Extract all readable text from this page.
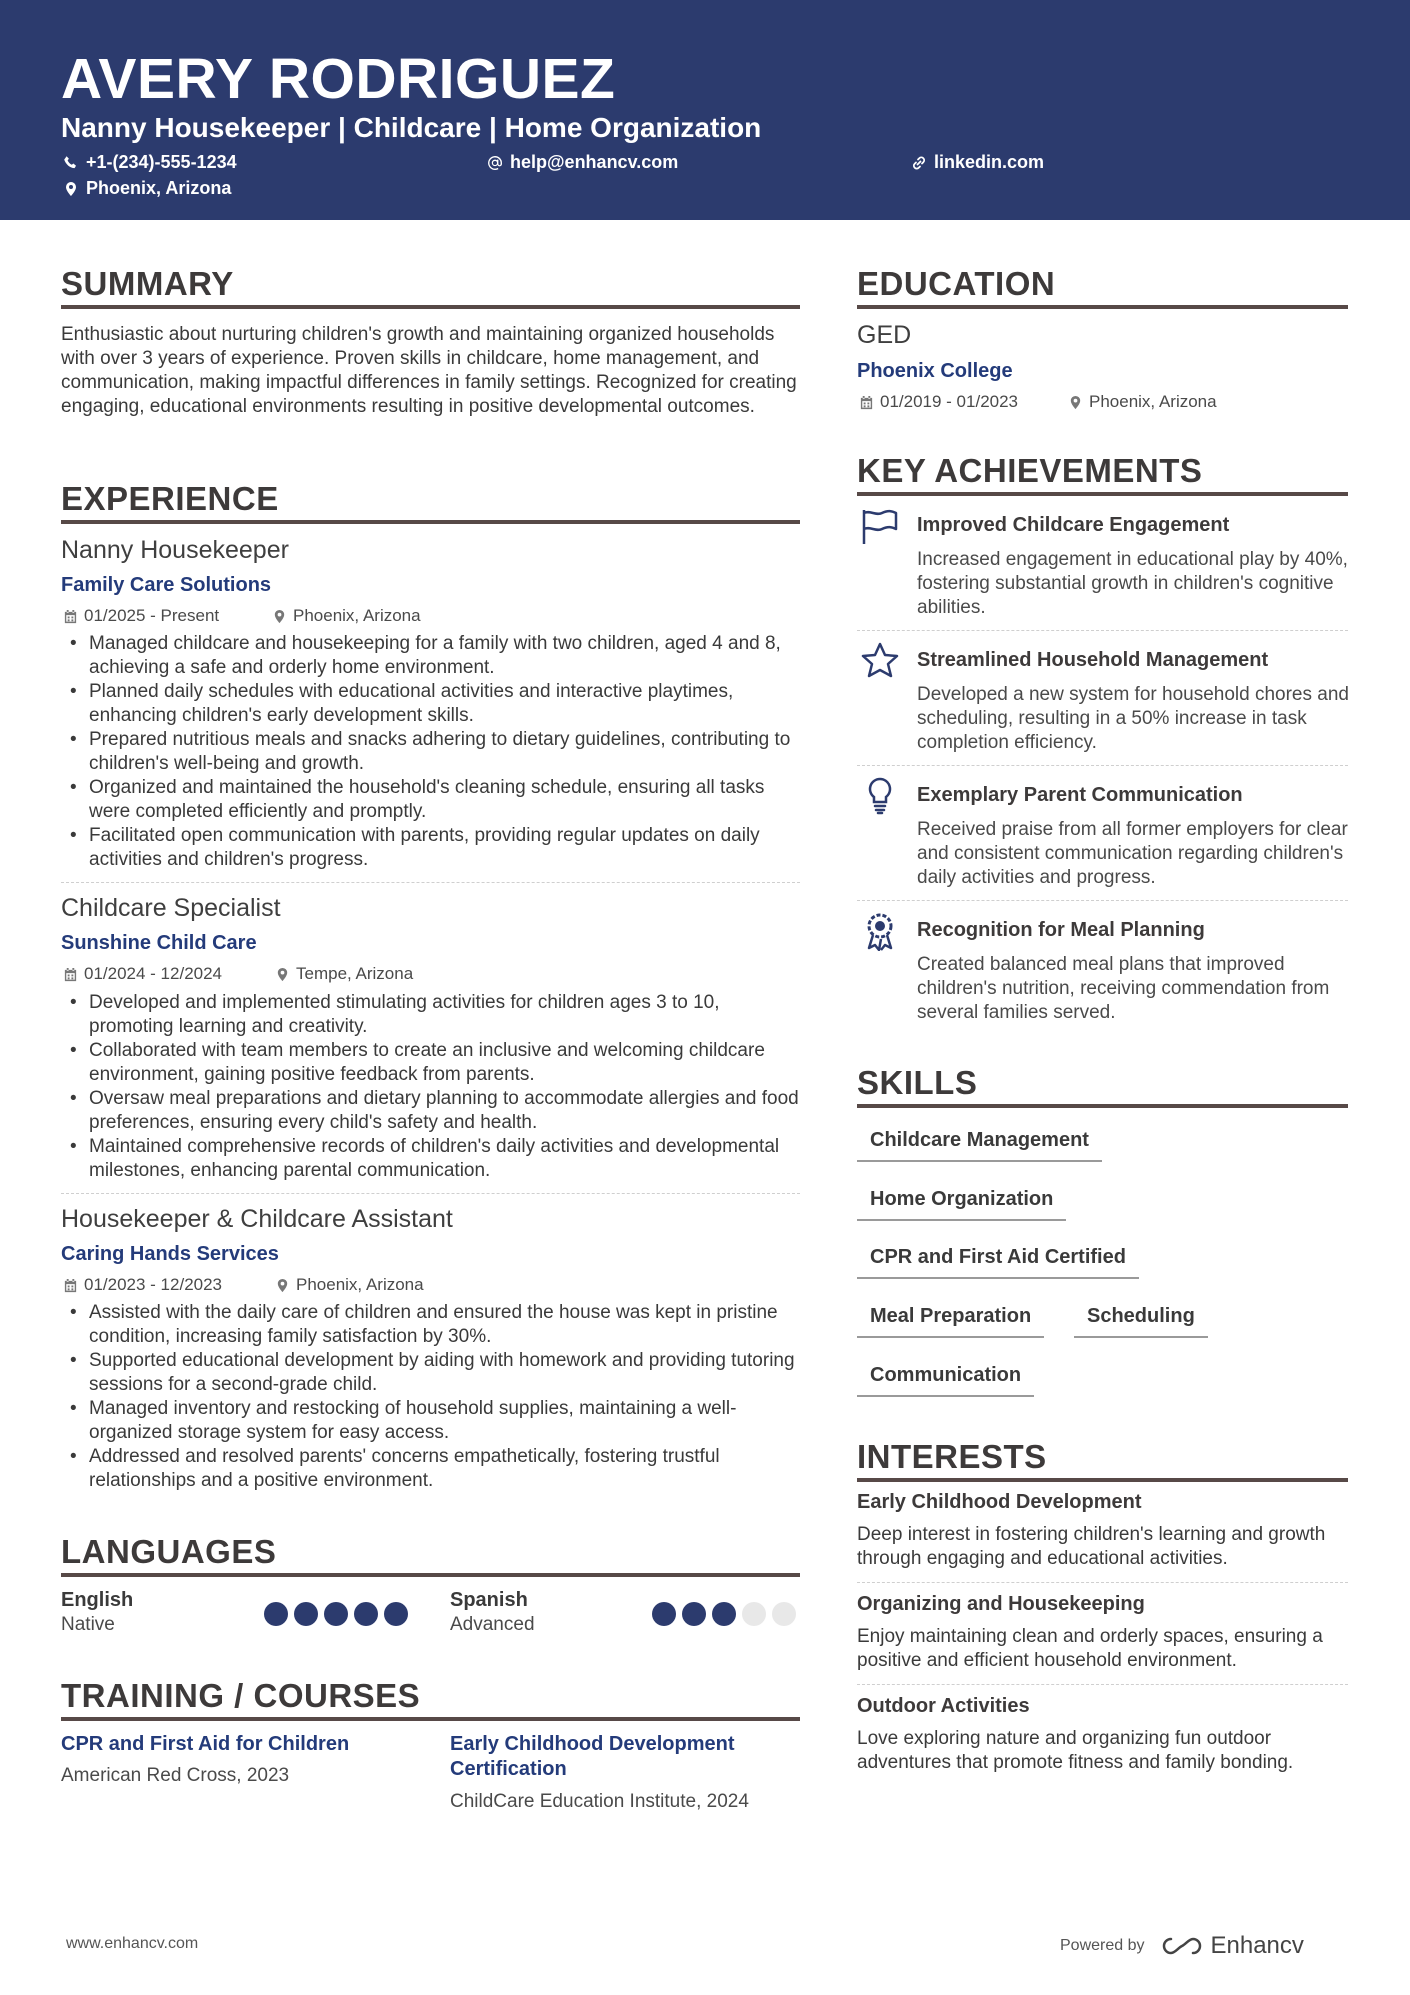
AVERY RODRIGUEZ
Nanny Housekeeper | Childcare | Home Organization
+1-(234)-555-1234	help@enhancv.com	linkedin.com
Phoenix, Arizona
SUMMARY
Enthusiastic about nurturing children's growth and maintaining organized households with over 3 years of experience. Proven skills in childcare, home management, and communication, making impactful differences in family settings. Recognized for creating engaging, educational environments resulting in positive developmental outcomes.
EXPERIENCE
Nanny Housekeeper
Family Care Solutions
01/2025 - Present	Phoenix, Arizona
• Managed childcare and housekeeping for a family with two children, aged 4 and 8, achieving a safe and orderly home environment.
• Planned daily schedules with educational activities and interactive playtimes, enhancing children's early development skills.
• Prepared nutritious meals and snacks adhering to dietary guidelines, contributing to children's well-being and growth.
• Organized and maintained the household's cleaning schedule, ensuring all tasks were completed efficiently and promptly.
• Facilitated open communication with parents, providing regular updates on daily activities and children's progress.
Childcare Specialist
Sunshine Child Care
01/2024 - 12/2024	Tempe, Arizona
• Developed and implemented stimulating activities for children ages 3 to 10, promoting learning and creativity.
• Collaborated with team members to create an inclusive and welcoming childcare environment, gaining positive feedback from parents.
• Oversaw meal preparations and dietary planning to accommodate allergies and food preferences, ensuring every child's safety and health.
• Maintained comprehensive records of children's daily activities and developmental milestones, enhancing parental communication.
Housekeeper & Childcare Assistant
Caring Hands Services
01/2023 - 12/2023	Phoenix, Arizona
• Assisted with the daily care of children and ensured the house was kept in pristine condition, increasing family satisfaction by 30%.
• Supported educational development by aiding with homework and providing tutoring sessions for a second-grade child.
• Managed inventory and restocking of household supplies, maintaining a well-organized storage system for easy access.
• Addressed and resolved parents' concerns empathetically, fostering trustful relationships and a positive environment.
LANGUAGES
English
Native
Spanish
Advanced
TRAINING / COURSES
CPR and First Aid for Children
American Red Cross, 2023
Early Childhood Development Certification
ChildCare Education Institute, 2024
EDUCATION
GED
Phoenix College
01/2019 - 01/2023	Phoenix, Arizona
KEY ACHIEVEMENTS
Improved Childcare Engagement
Increased engagement in educational play by 40%, fostering substantial growth in children's cognitive abilities.
Streamlined Household Management
Developed a new system for household chores and scheduling, resulting in a 50% increase in task completion efficiency.
Exemplary Parent Communication
Received praise from all former employers for clear and consistent communication regarding children's daily activities and progress.
Recognition for Meal Planning
Created balanced meal plans that improved children's nutrition, receiving commendation from several families served.
SKILLS
Childcare Management
Home Organization
CPR and First Aid Certified
Meal Preparation	Scheduling
Communication
INTERESTS
Early Childhood Development
Deep interest in fostering children's learning and growth through engaging and educational activities.
Organizing and Housekeeping
Enjoy maintaining clean and orderly spaces, ensuring a positive and efficient household environment.
Outdoor Activities
Love exploring nature and organizing fun outdoor adventures that promote fitness and family bonding.
www.enhancv.com	Powered by	Enhancv
